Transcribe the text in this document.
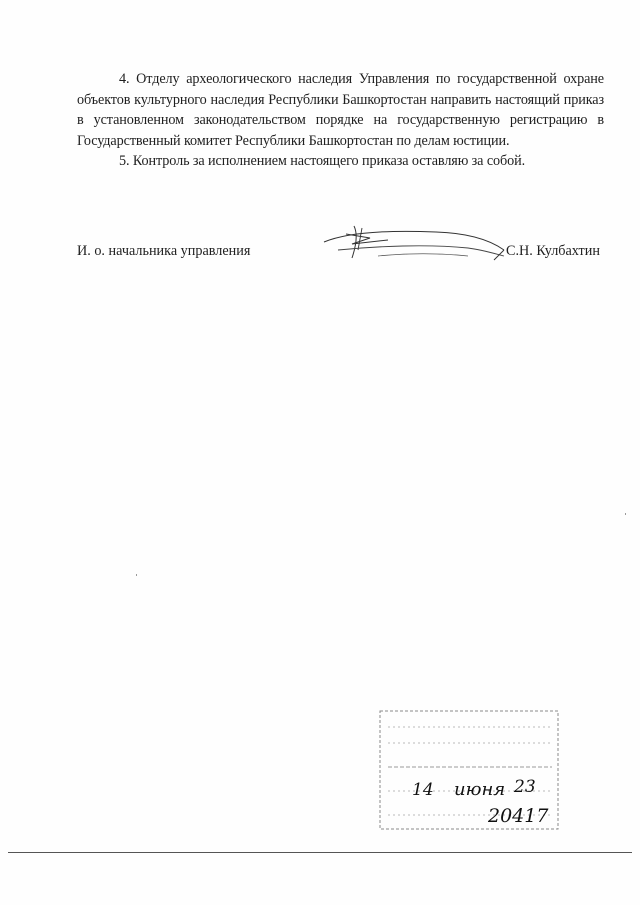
4. Отделу археологического наследия Управления по государственной охране объектов культурного наследия Республики Башкортостан направить настоящий приказ в установленном законодательством порядке на государственную регистрацию в Государственный комитет Республики Башкортостан по делам юстиции.

5. Контроль за исполнением настоящего приказа оставляю за собой.

И. о. начальника управления	С.Н. Кулбахтин
14 июня 23
20417
